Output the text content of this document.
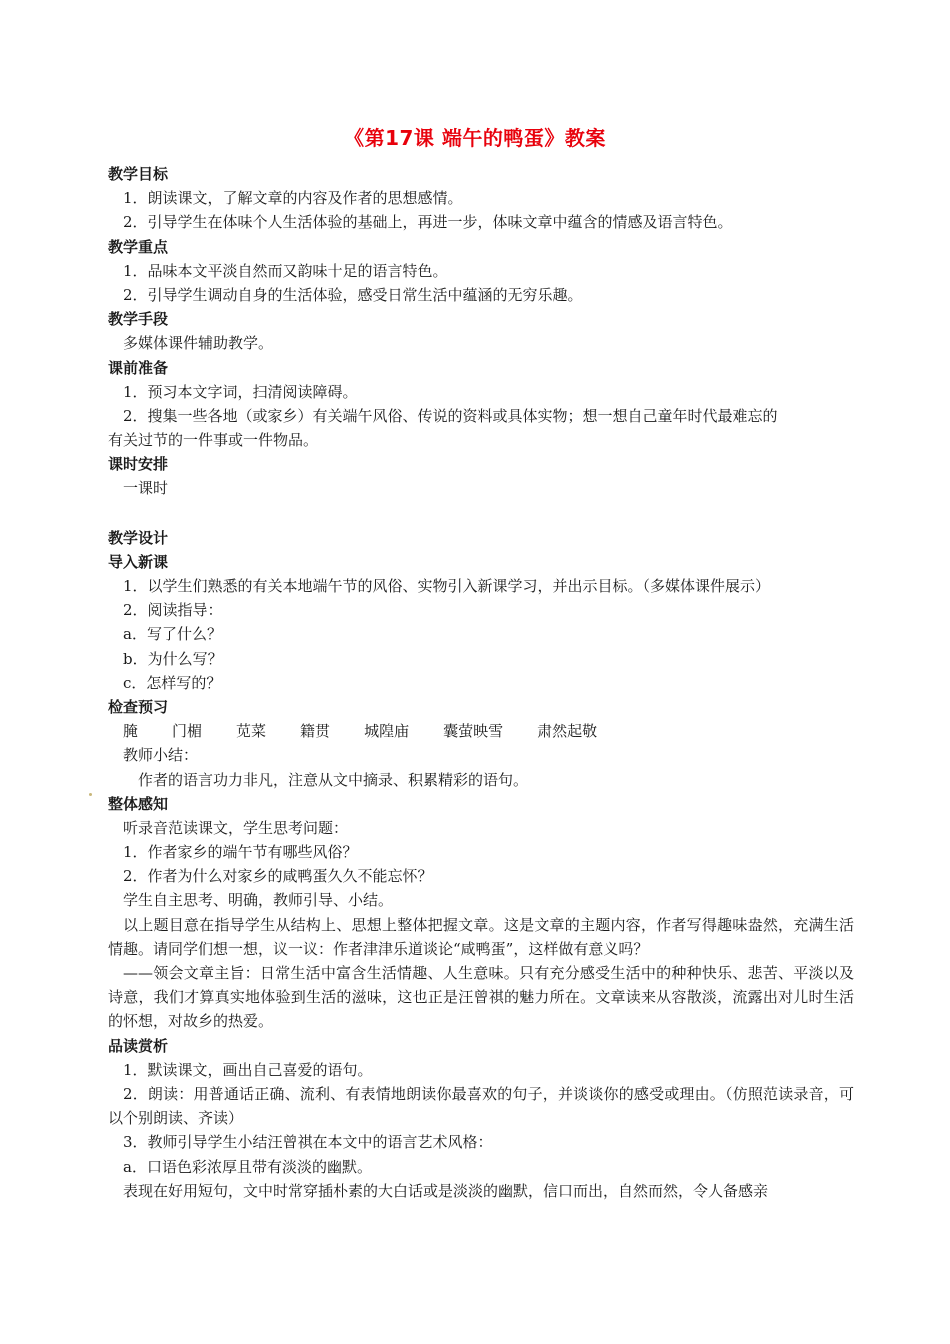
《第17课 端午的鸭蛋》教案
教学目标
1．朗读课文，了解文章的内容及作者的思想感情。
2．引导学生在体味个人生活体验的基础上，再进一步，体味文章中蕴含的情感及语言特色。
教学重点
1．品味本文平淡自然而又韵味十足的语言特色。
2．引导学生调动自身的生活体验，感受日常生活中蕴涵的无穷乐趣。
教学手段
多媒体课件辅助教学。
课前准备
1．预习本文字词，扫清阅读障碍。
2．搜集一些各地（或家乡）有关端午风俗、传说的资料或具体实物；想一想自己童年时代最难忘的
有关过节的一件事或一件物品。
课时安排
一课时
教学设计
导入新课
1．以学生们熟悉的有关本地端午节的风俗、实物引入新课学习，并出示目标。（多媒体课件展示）
2．阅读指导：
a．写了什么？
b．为什么写？
c．怎样写的？
检查预习
腌 门楣 苋菜 籍贯 城隍庙 囊萤映雪 肃然起敬
教师小结：
作者的语言功力非凡，注意从文中摘录、积累精彩的语句。
整体感知
听录音范读课文，学生思考问题：
1．作者家乡的端午节有哪些风俗？
2．作者为什么对家乡的咸鸭蛋久久不能忘怀？
学生自主思考、明确，教师引导、小结。
以上题目意在指导学生从结构上、思想上整体把握文章。这是文章的主题内容，作者写得趣味盎然，充满生活情趣。请同学们想一想，议一议：作者津津乐道谈论“咸鸭蛋”，这样做有意义吗？
——领会文章主旨：日常生活中富含生活情趣、人生意味。只有充分感受生活中的种种快乐、悲苦、平淡以及诗意，我们才算真实地体验到生活的滋味，这也正是汪曾祺的魅力所在。文章读来从容散淡，流露出对儿时生活的怀想，对故乡的热爱。
品读赏析
1．默读课文，画出自己喜爱的语句。
2．朗读：用普通话正确、流利、有表情地朗读你最喜欢的句子，并谈谈你的感受或理由。（仿照范读录音，可以个别朗读、齐读）
3．教师引导学生小结汪曾祺在本文中的语言艺术风格：
a．口语色彩浓厚且带有淡淡的幽默。
表现在好用短句，文中时常穿插朴素的大白话或是淡淡的幽默，信口而出，自然而然，令人备感亲
